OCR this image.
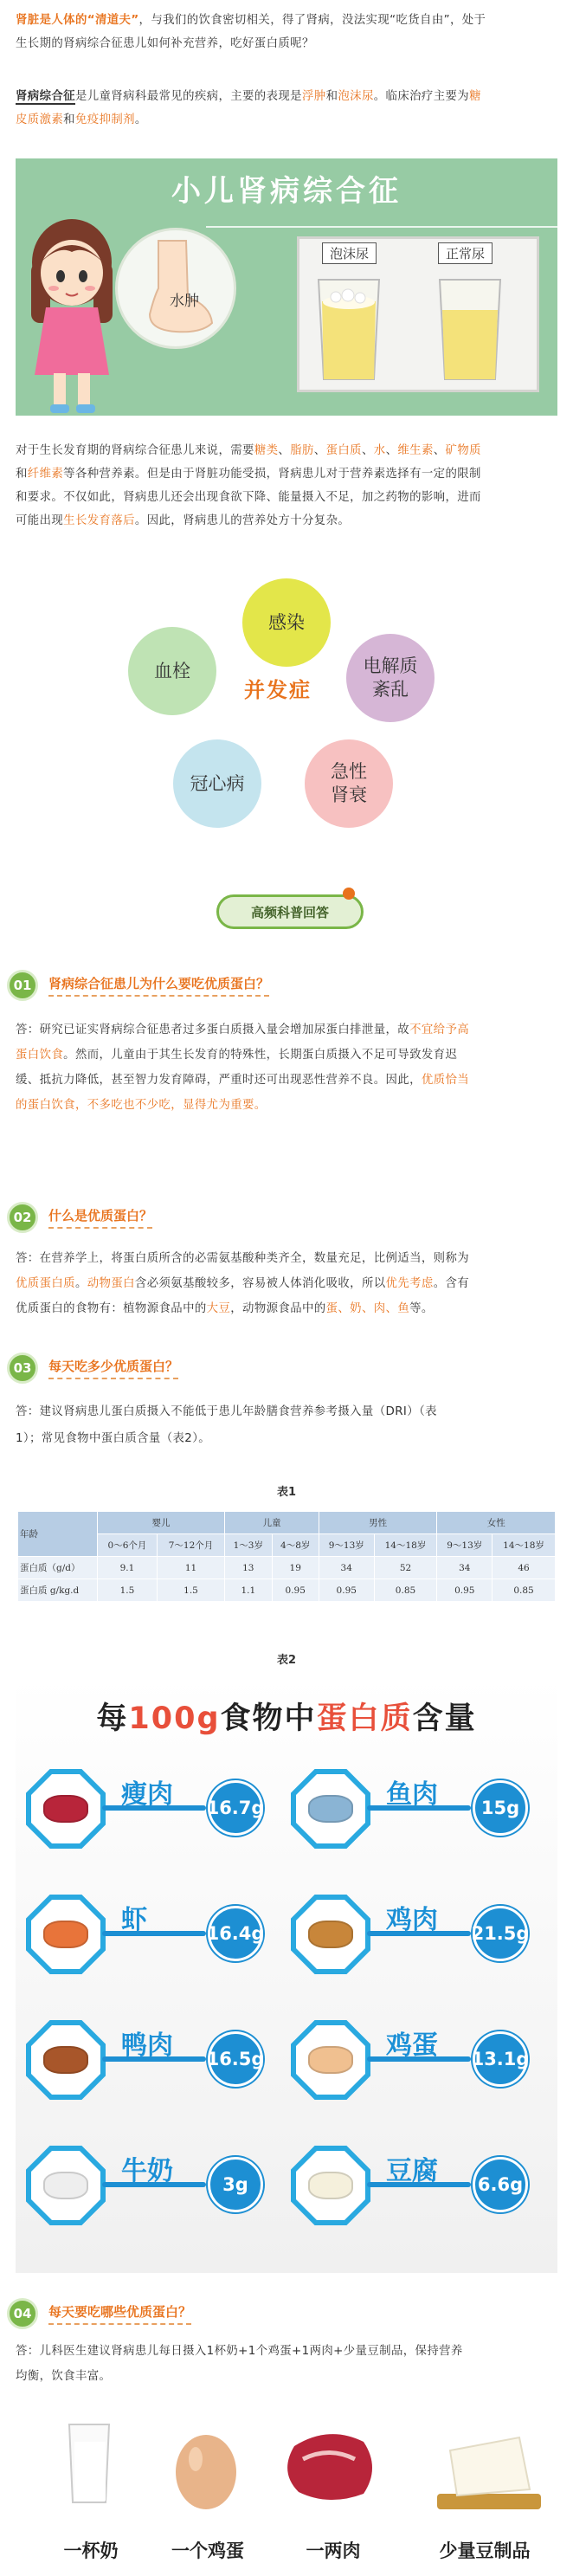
肾脏是人体的“清道夫”，与我们的饮食密切相关，得了肾病，没法实现“吃货自由”，处于
生长期的肾病综合征患儿如何补充营养，吃好蛋白质呢？
肾病综合征是儿童肾病科最常见的疾病，主要的表现是浮肿和泡沫尿。临床治疗主要为糖
皮质激素和免疫抑制剂。
小儿肾病综合征
水肿
泡沫尿	正常尿
对于生长发育期的肾病综合征患儿来说，需要糖类、脂肪、蛋白质、水、维生素、矿物质
和纤维素等各种营养素。但是由于肾脏功能受损，肾病患儿对于营养素选择有一定的限制
和要求。不仅如此，肾病患儿还会出现食欲下降、能量摄入不足，加之药物的影响，进而
可能出现生长发育落后。因此，肾病患儿的营养处方十分复杂。
并发症
感染
血栓	电解质
紊乱
冠心病
急性
肾衰
高频科普回答
01	肾病综合征患儿为什么要吃优质蛋白？
答：研究已证实肾病综合征患者过多蛋白质摄入量会增加尿蛋白排泄量，故不宜给予高
蛋白饮食。然而，儿童由于其生长发育的特殊性，长期蛋白质摄入不足可导致发育迟
缓、抵抗力降低，甚至智力发育障碍，严重时还可出现恶性营养不良。因此，优质恰当
的蛋白饮食，不多吃也不少吃，显得尤为重要。
02	什么是优质蛋白？
答：在营养学上，将蛋白质所含的必需氨基酸种类齐全，数量充足，比例适当，则称为
优质蛋白质。动物蛋白含必须氨基酸较多，容易被人体消化吸收，所以优先考虑。含有
优质蛋白的食物有：植物源食品中的大豆，动物源食品中的蛋、奶、肉、鱼等。
03	每天吃多少优质蛋白？
答：建议肾病患儿蛋白质摄入不能低于患儿年龄膳食营养参考摄入量（DRI）（表
1）；常见食物中蛋白质含量（表2）。
表1
年龄	婴儿		儿童		男性		女性	
	0～6个月	7～12个月	1～3岁	4～8岁	9～13岁	14～18岁	9～13岁	14～18岁
蛋白质（g/d）	9.1	11	13	19	34	52	34	46
蛋白质 g/kg.d	1.5	1.5	1.1	0.95	0.95	0.85	0.95	0.85
表2
每100g食物中蛋白质含量
瘦肉 16.7g	鱼肉 15g
虾	16.4g	鸡肉 21.5g
鸭肉 16.5g	鸡蛋 13.1g
牛奶	3g	豆腐 6.6g
04	每天要吃哪些优质蛋白？
答：儿科医生建议肾病患儿每日摄入1杯奶+1个鸡蛋+1两肉+少量豆制品，保持营养
均衡，饮食丰富。
一杯奶	一个鸡蛋	一两肉	少量豆制品
